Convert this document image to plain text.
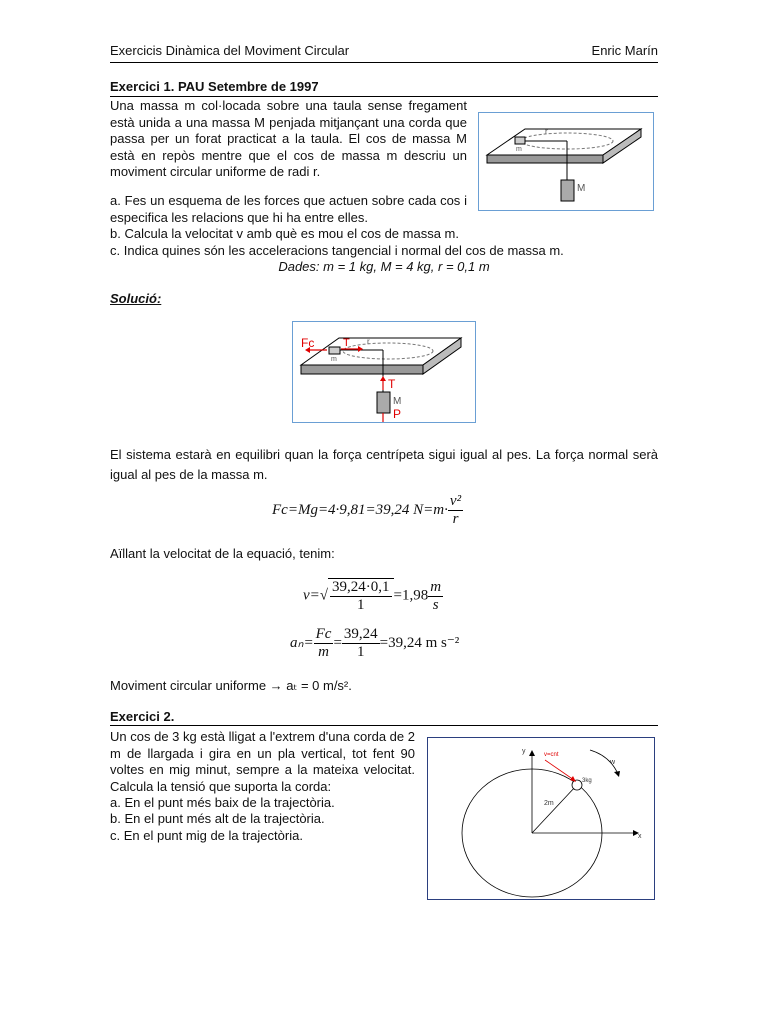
Exercicis Dinàmica del Moviment Circular	Enric Marín
Exercici 1. PAU Setembre de 1997
Una massa m col·locada sobre una taula sense fregament està unida a una massa M penjada mitjançant una corda que passa per un forat practicat a la taula. El cos de massa M està en repòs mentre que el cos de massa m descriu un moviment circular uniforme de radi r.
a. Fes un esquema de les forces que actuen sobre cada cos i especifica les relacions que hi ha entre elles.
b. Calcula la velocitat v amb què es mou el cos de massa m.
c. Indica quines són les acceleracions tangencial i normal del cos de massa m.
Dades: m = 1 kg, M = 4 kg, r = 0,1 m
Solució:
El sistema estarà en equilibri quan la força centrípeta sigui igual al pes. La força normal serà igual al pes de la massa m.
Aïllant la velocitat de la equació, tenim:
Moviment circular uniforme → aₜ = 0 m/s².
Exercici 2.
Un cos de 3 kg està lligat a l'extrem d'una corda de 2 m de llargada i gira en un pla vertical, tot fent 90 voltes en mig minut, sempre a la mateixa velocitat. Calcula la tensió que suporta la corda:
a. En el punt més baix de la trajectòria.
b. En el punt més alt de la trajectòria.
c. En el punt mig de la trajectòria.
Fc=Mg=4·9,81=39,24 $N=m\cdot \frac{\text{v²}}{r}$
$v=√ \frac{39,24\cdot 0,1}{1} =1,98 \frac{m}{s}$
$a_n= \frac{Fc}{m} = \frac{39,24}{1} =39,24$ m s⁻²
r
m
M
Fc	T
T
P
r
m
M
y
x
v=cnt
w
3kg
2m
